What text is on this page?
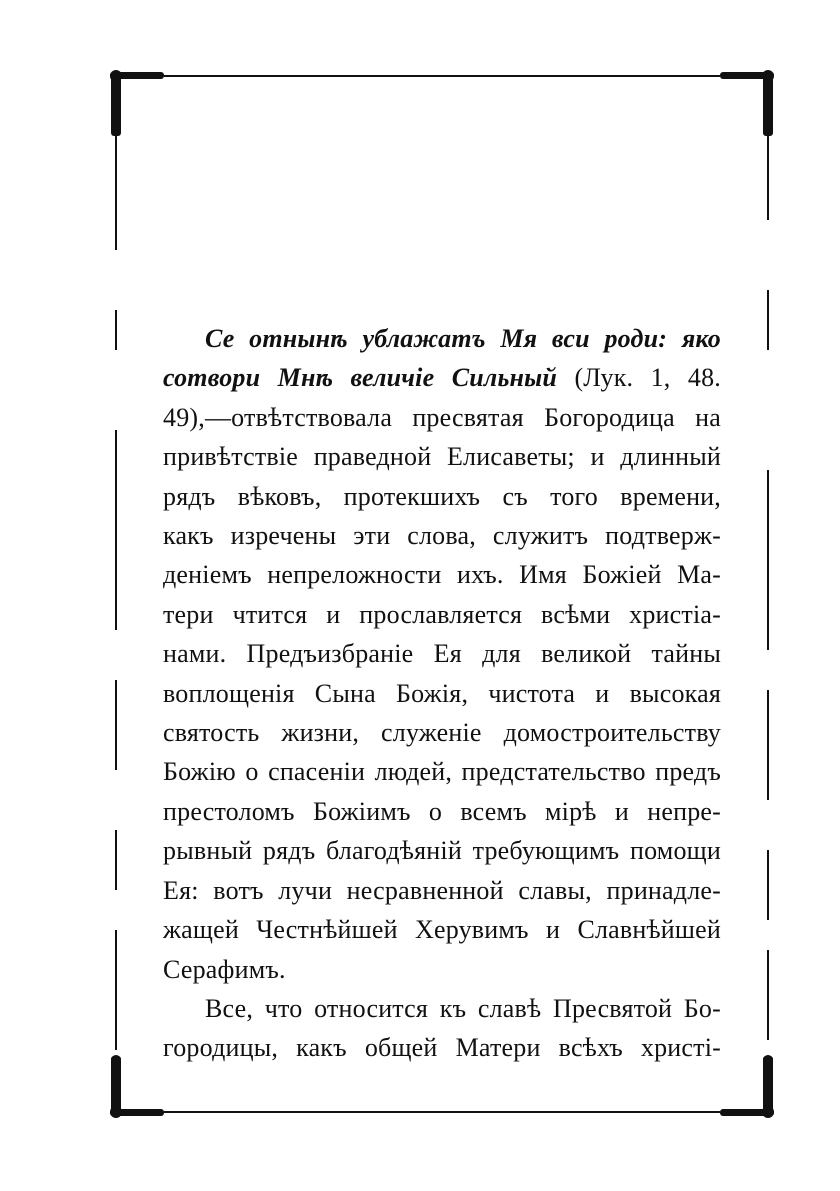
Се отнынѣ ублажатъ Мя вси роди: яко
сотвори Мнѣ величіе Сильный (Лук. 1, 48.
49),—отвѣтствовала пресвятая Богородица на
привѣтствіе праведной Елисаветы; и длинный
рядъ вѣковъ, протекшихъ съ того времени,
какъ изречены эти слова, служитъ подтверж-
деніемъ непреложности ихъ. Имя Божіей Ма-
тери чтится и прославляется всѣми христіа-
нами. Предъизбраніе Ея для великой тайны
воплощенія Сына Божія, чистота и высокая
святость жизни, служеніе домостроительству
Божію о спасеніи людей, предстательство предъ
престоломъ Божіимъ о всемъ мірѣ и непре-
рывный рядъ благодѣяній требующимъ помощи
Ея: вотъ лучи несравненной славы, принадле-
жащей Честнѣйшей Херувимъ и Славнѣйшей
Серафимъ.

Все, что относится къ славѣ Пресвятой Бо-
городицы, какъ общей Матери всѣхъ христі-
